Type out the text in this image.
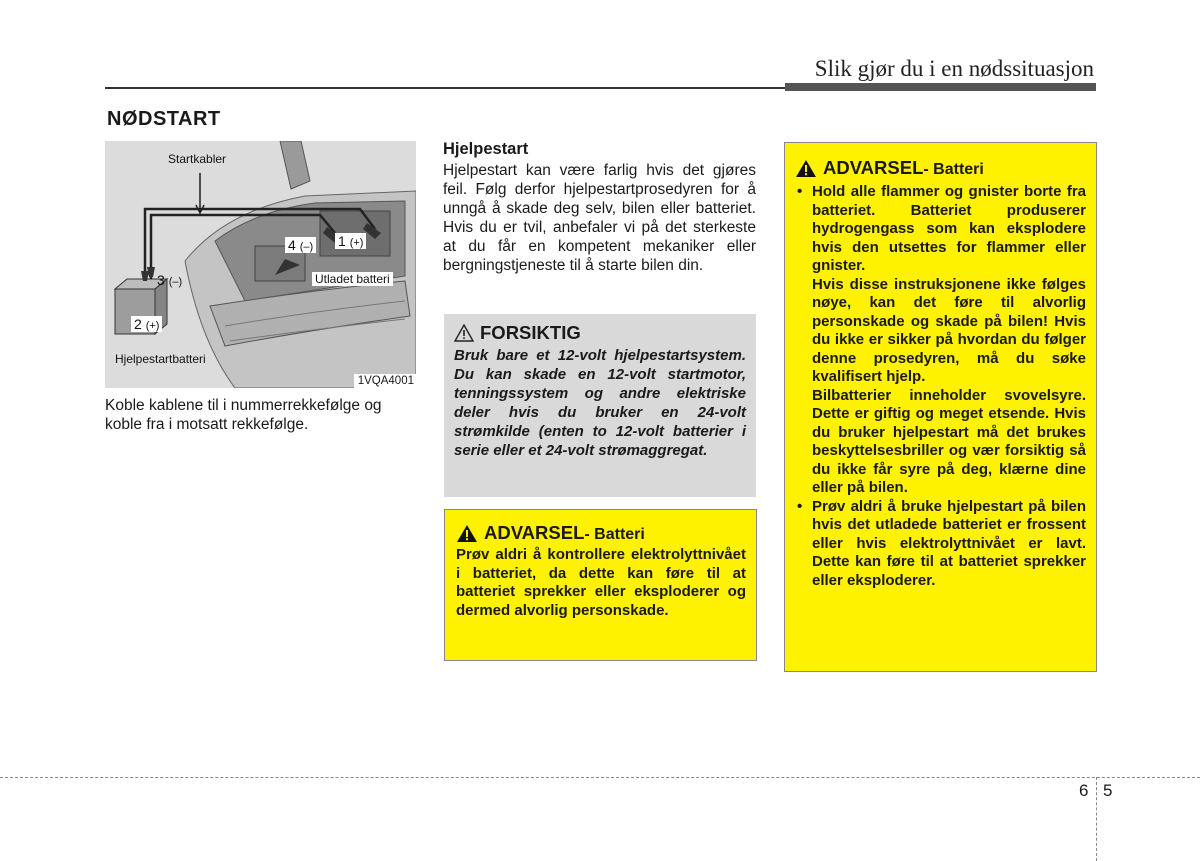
Slik gjør du i en nødssituasjon
NØDSTART
Startkabler
4 (–) 1 (+)
3 (–)
2 (+)
Utladet batteri
Hjelpestartbatteri
1VQA4001
Koble kablene til i nummerrekkefølge og koble fra i motsatt rekkefølge.
Hjelpestart
Hjelpestart kan være farlig hvis det gjøres feil. Følg derfor hjelpestartprosedyren for å unngå å skade deg selv, bilen eller batteriet. Hvis du er tvil, anbefaler vi på det sterkeste at du får en kompetent mekaniker eller bergningstjeneste til å starte bilen din.
FORSIKTIG
Bruk bare et 12-volt hjelpestartsystem. Du kan skade en 12-volt startmotor, tenningssystem og andre elektriske deler hvis du bruker en 24-volt strømkilde (enten to 12-volt batterier i serie eller et 24-volt strømaggregat.
ADVARSEL- Batteri
Prøv aldri å kontrollere elektrolyttnivået i batteriet, da dette kan føre til at batteriet sprekker eller eksploderer og dermed alvorlig personskade.
ADVARSEL- Batteri

• Hold alle flammer og gnister borte fra batteriet. Batteriet produserer hydrogengass som kan eksplodere hvis den utsettes for flammer eller gnister.

Hvis disse instruksjonene ikke følges nøye, kan det føre til alvorlig personskade og skade på bilen! Hvis du ikke er sikker på hvordan du følger denne prosedyren, må du søke kvalifisert hjelp.

Bilbatterier inneholder svovelsyre. Dette er giftig og meget etsende. Hvis du bruker hjelpestart må det brukes beskyttelsesbriller og vær forsiktig så du ikke får syre på deg, klærne dine eller på bilen.

• Prøv aldri å bruke hjelpestart på bilen hvis det utladede batteriet er frossent eller hvis elektrolyttnivået er lavt. Dette kan føre til at batteriet sprekker eller eksploderer.

6 5
